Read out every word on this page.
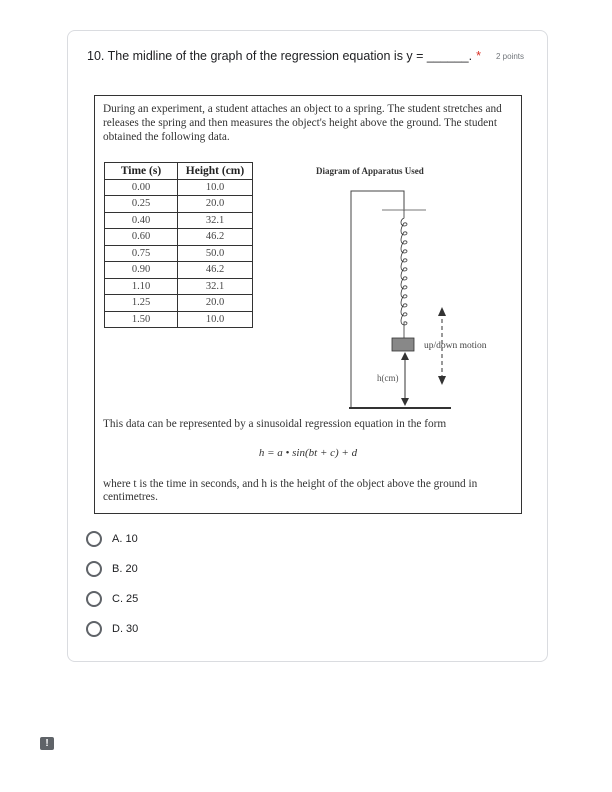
10. The midline of the graph of the regression equation is y = ______. * 2 points
During an experiment, a student attaches an object to a spring. The student stretches and releases the spring and then measures the object's height above the ground. The student obtained the following data.
Time (s)	Height (cm)
0.00	10.0
0.25	20.0
0.40	32.1
0.60	46.2
0.75	50.0
0.90	46.2
1.10	32.1
1.25	20.0
1.50	10.0
Diagram of Apparatus Used
h(cm)
up/down motion
This data can be represented by a sinusoidal regression equation in the form
h = a • sin(bt + c) + d
where t is the time in seconds, and h is the height of the object above the ground in centimetres.
A. 10
B. 20
C. 25
D. 30
!
